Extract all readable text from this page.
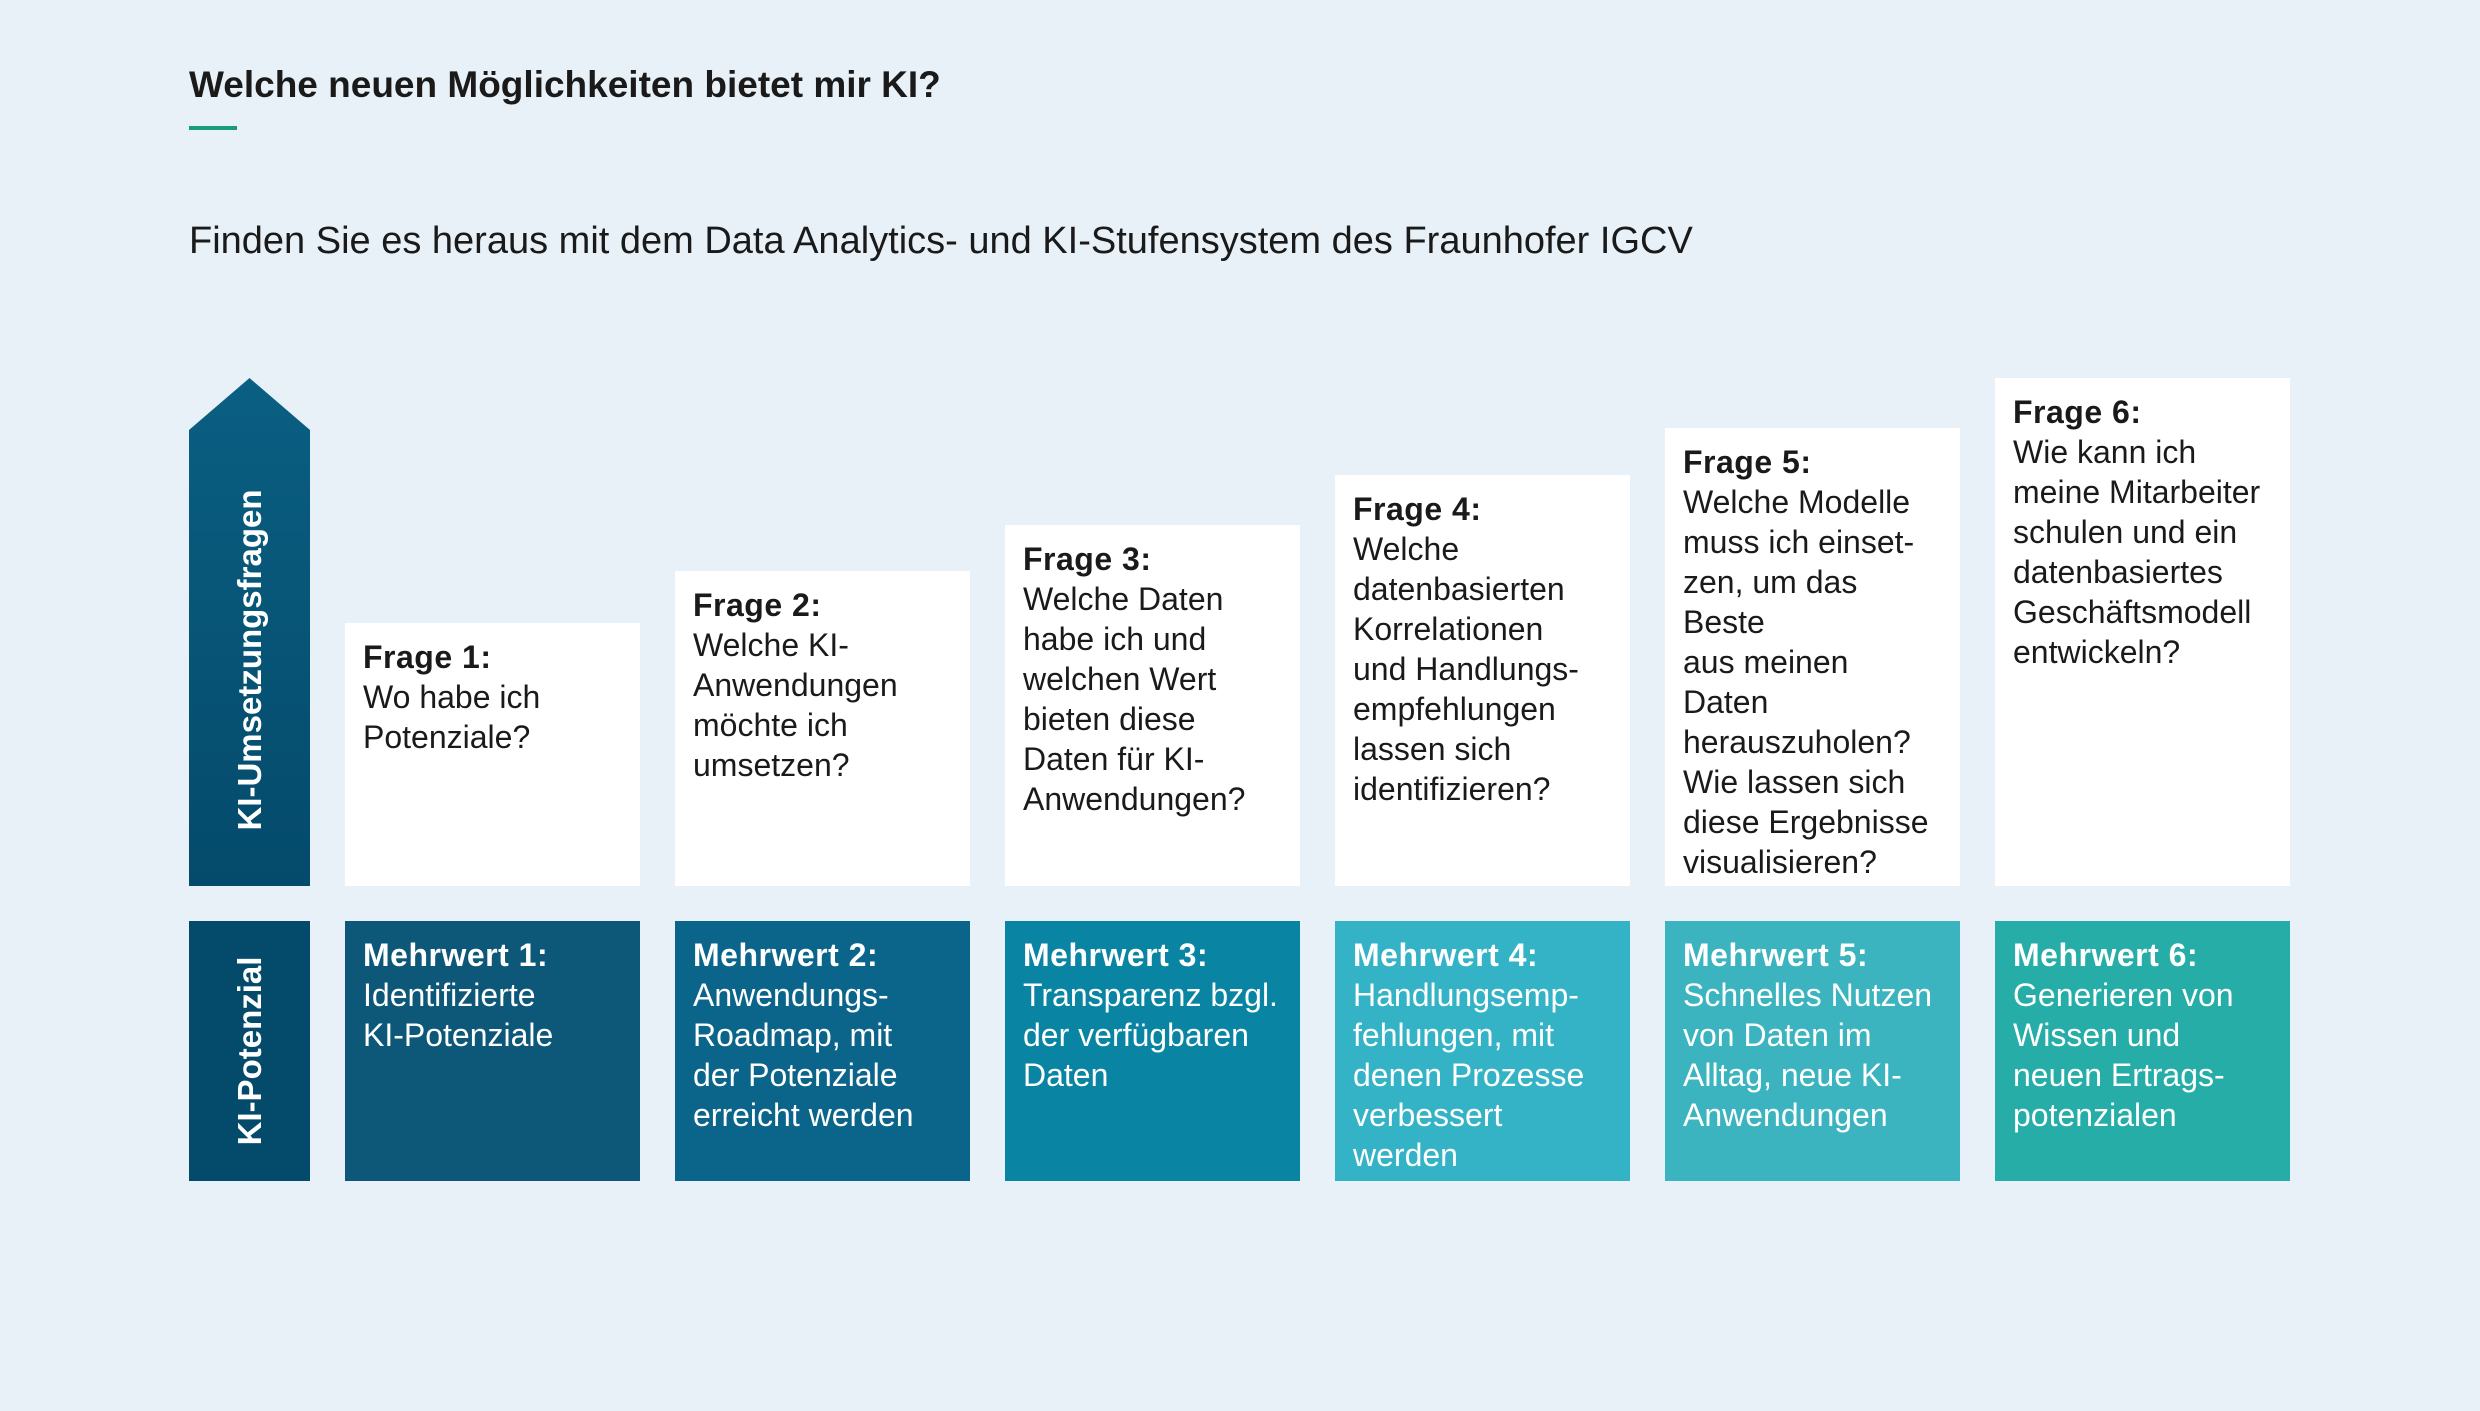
Welche neuen Möglichkeiten bietet mir KI?
Finden Sie es heraus mit dem Data Analytics- und KI-Stufensystem des Fraunhofer IGCV
KI-Umsetzungsfragen
KI-Potenzial
Frage 1:
Wo habe ich
Potenziale?
Frage 2:
Welche KI-
Anwendungen
möchte ich
umsetzen?
Frage 3:
Welche Daten
habe ich und
welchen Wert
bieten diese
Daten für KI-
Anwendungen?
Frage 4:
Welche
datenbasierten
Korrelationen
und Handlungs-
empfehlungen
lassen sich
identifizieren?
Frage 5:
Welche Modelle
muss ich einset-
zen, um das Beste
aus meinen Daten
herauszuholen?
Wie lassen sich
diese Ergebnisse
visualisieren?
Frage 6:
Wie kann ich
meine Mitarbeiter
schulen und ein
datenbasiertes
Geschäftsmodell
entwickeln?
Mehrwert 1:
Identifizierte
KI-Potenziale
Mehrwert 2:
Anwendungs-
Roadmap, mit
der Potenziale
erreicht werden
Mehrwert 3:
Transparenz bzgl.
der verfügbaren
Daten
Mehrwert 4:
Handlungsemp-
fehlungen, mit
denen Prozesse
verbessert werden
Mehrwert 5:
Schnelles Nutzen
von Daten im
Alltag, neue KI-
Anwendungen
Mehrwert 6:
Generieren von
Wissen und
neuen Ertrags-
potenzialen
